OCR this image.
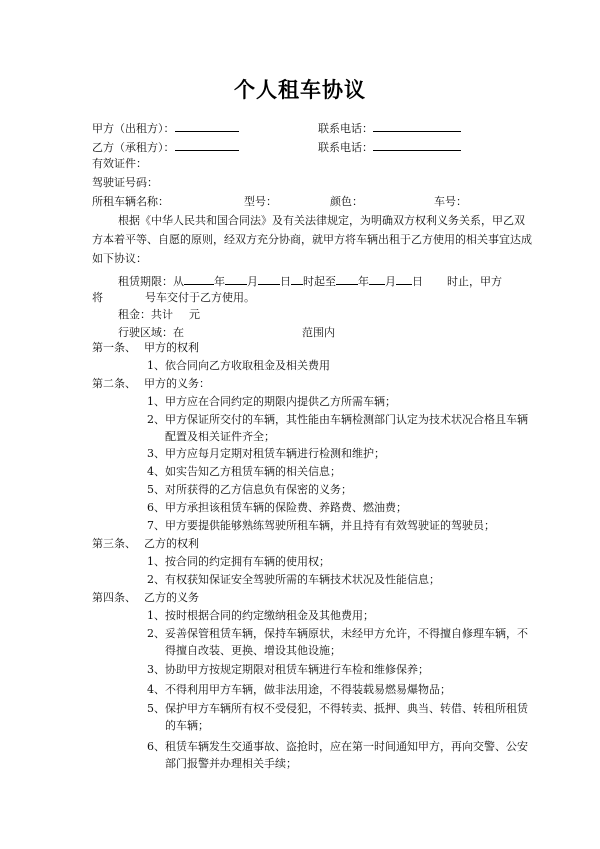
个人租车协议
甲方（出租方）：	联系电话：
乙方（承租方）：	联系电话：
有效证件：
驾驶证号码：
所租车辆名称：	型号：	颜色：	车号：
根据《中华人民共和国合同法》及有关法律规定，为明确双方权利义务关系，甲乙双
方本着平等、自愿的原则，经双方充分协商，就甲方将车辆出租于乙方使用的相关事宜达成
如下协议：
租赁期限：从	年 月 日 时起至 年 月 日 时止，甲方
将	号车交付于乙方使用。
租金：共计 元
行驶区域：在	范围内
第一条、 甲方的权利
1、 依合同向乙方收取租金及相关费用
第二条、 甲方的义务：
1、 甲方应在合同约定的期限内提供乙方所需车辆；
2、 甲方保证所交付的车辆，其性能由车辆检测部门认定为技术状况合格且车辆
配置及相关证件齐全；
3、 甲方应每月定期对租赁车辆进行检测和维护；
4、 如实告知乙方租赁车辆的相关信息；
5、 对所获得的乙方信息负有保密的义务；
6、 甲方承担该租赁车辆的保险费、养路费、燃油费；
7、 甲方要提供能够熟练驾驶所租车辆，并且持有有效驾驶证的驾驶员；
第三条、 乙方的权利
1、 按合同的约定拥有车辆的使用权；
2、 有权获知保证安全驾驶所需的车辆技术状况及性能信息；
第四条、 乙方的义务
1、 按时根据合同的约定缴纳租金及其他费用；
2、 妥善保管租赁车辆，保持车辆原状，未经甲方允许，不得擅自修理车辆，不
得擅自改装、更换、增设其他设施；
3、 协助甲方按规定期限对租赁车辆进行车检和维修保养；
4、 不得利用甲方车辆，做非法用途，不得装载易燃易爆物品；
5、 保护甲方车辆所有权不受侵犯，不得转卖、抵押、典当、转借、转租所租赁
的车辆；
6、 租赁车辆发生交通事故、盗抢时，应在第一时间通知甲方，再向交警、公安
部门报警并办理相关手续；
